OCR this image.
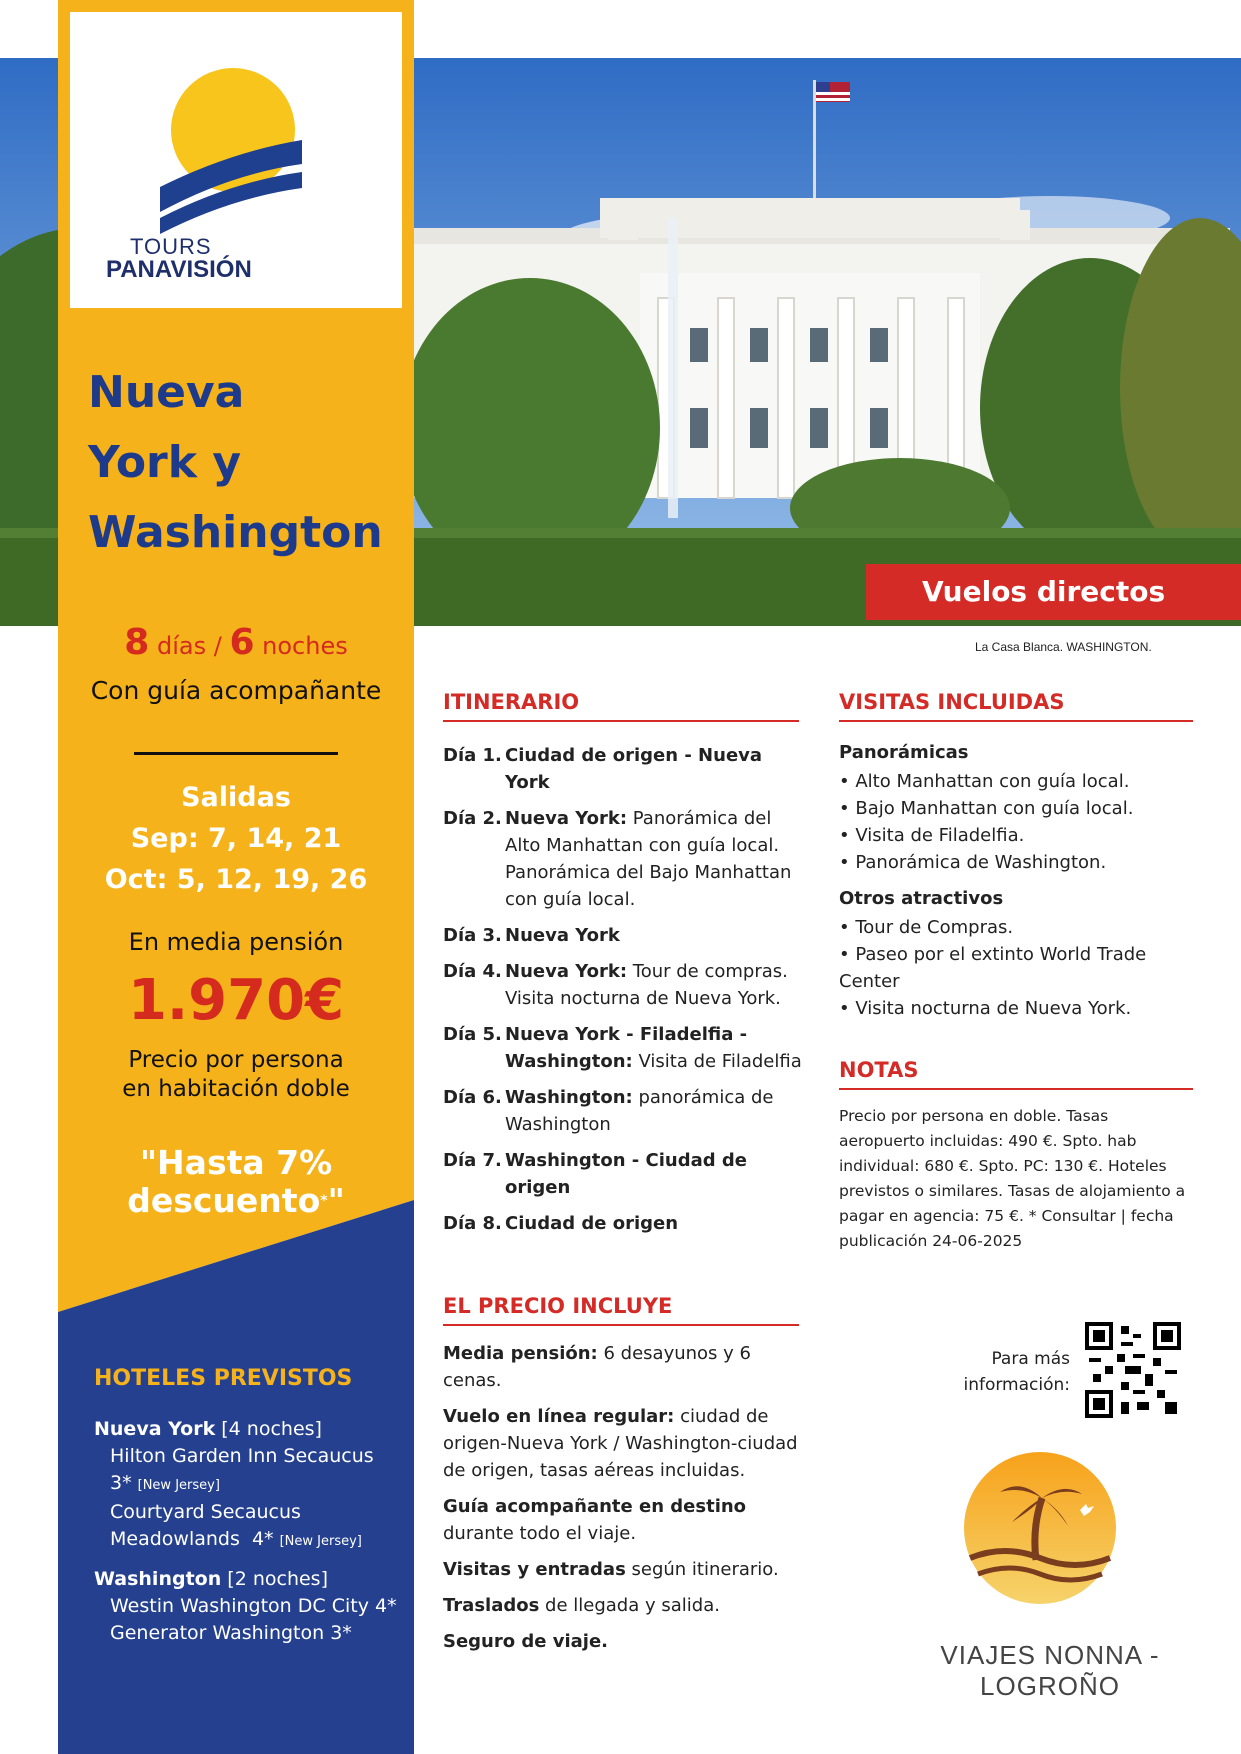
TOURS
PANAVISIÓN
Nueva
York y
Washington
8 días / 6 noches
Con guía acompañante
Salidas
Sep: 7, 14, 21
Oct: 5, 12, 19, 26
En media pensión
1.970€
Precio por persona
en habitación doble
"Hasta 7%
descuento*"
HOTELES PREVISTOS
Nueva York [4 noches]
Hilton Garden Inn Secaucus
3* [New Jersey]
Courtyard Secaucus
Meadowlands 4* [New Jersey]
Washington [2 noches]
Westin Washington DC City 4*
Generator Washington 3*
Vuelos directos
La Casa Blanca. WASHINGTON.
ITINERARIO
Día 1. Ciudad de origen - Nueva York
Día 2. Nueva York: Panorámica del Alto Manhattan con guía local. Panorámica del Bajo Manhattan con guía local.
Día 3. Nueva York
Día 4. Nueva York: Tour de compras. Visita nocturna de Nueva York.
Día 5. Nueva York - Filadelfia - Washington: Visita de Filadelfia
Día 6. Washington: panorámica de Washington
Día 7. Washington - Ciudad de origen
Día 8. Ciudad de origen
EL PRECIO INCLUYE
Media pensión: 6 desayunos y 6 cenas.
Vuelo en línea regular: ciudad de origen-Nueva York / Washington-ciudad de origen, tasas aéreas incluidas.
Guía acompañante en destino durante todo el viaje.
Visitas y entradas según itinerario.
Traslados de llegada y salida.
Seguro de viaje.
VISITAS INCLUIDAS
Panorámicas
• Alto Manhattan con guía local.
• Bajo Manhattan con guía local.
• Visita de Filadelfia.
• Panorámica de Washington.
Otros atractivos
• Tour de Compras.
• Paseo por el extinto World Trade Center
• Visita nocturna de Nueva York.
NOTAS
Precio por persona en doble. Tasas aeropuerto incluidas: 490 €. Spto. hab individual: 680 €. Spto. PC: 130 €. Hoteles previstos o similares. Tasas de alojamiento a pagar en agencia: 75 €. * Consultar | fecha publicación 24-06-2025
Para más
información:
VIAJES NONNA - LOGROÑO
